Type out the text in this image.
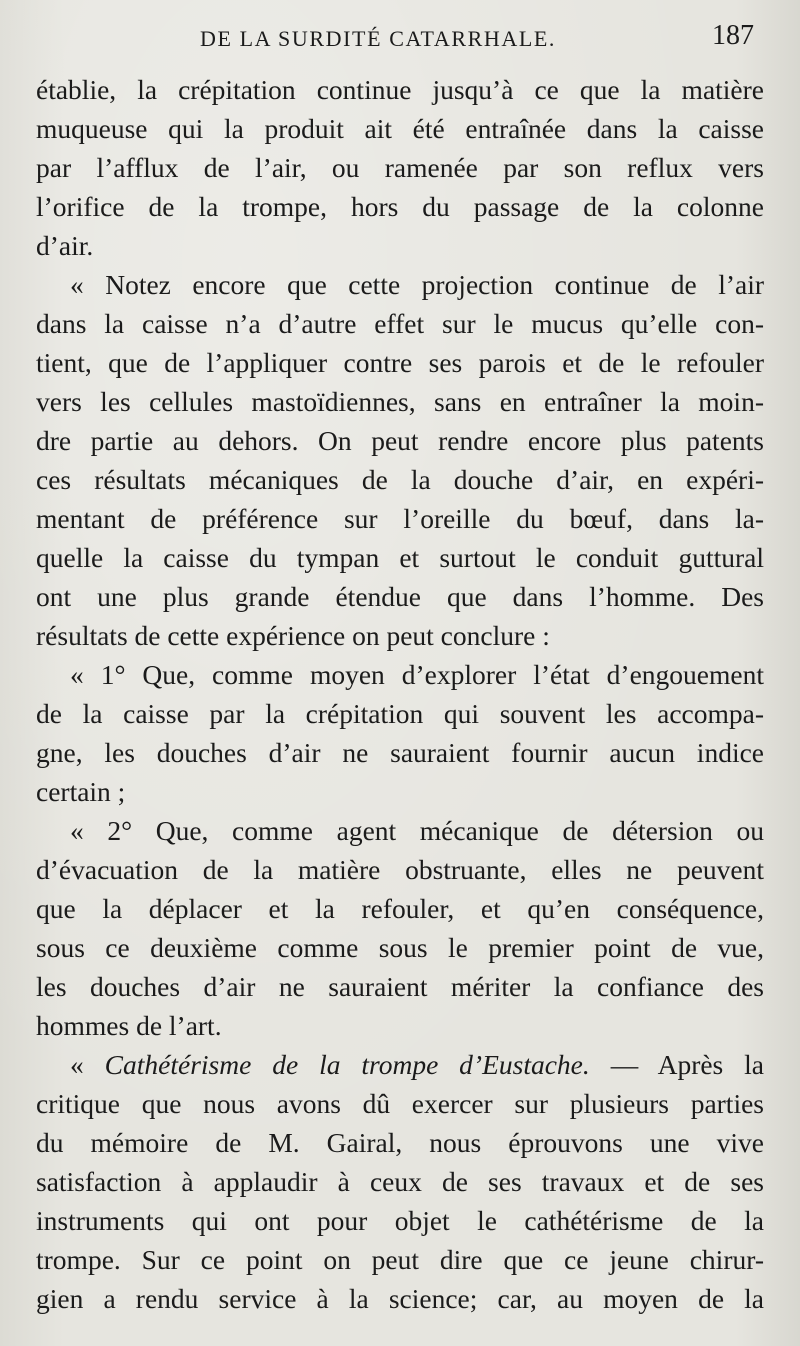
DE LA SURDITÉ CATARRHALE.	187
établie, la crépitation continue jusqu’à ce que la matière
muqueuse qui la produit ait été entraînée dans la caisse
par l’afflux de l’air, ou ramenée par son reflux vers
l’orifice de la trompe, hors du passage de la colonne
d’air.
« Notez encore que cette projection continue de l’air
dans la caisse n’a d’autre effet sur le mucus qu’elle con-
tient, que de l’appliquer contre ses parois et de le refouler
vers les cellules mastoïdiennes, sans en entraîner la moin-
dre partie au dehors. On peut rendre encore plus patents
ces résultats mécaniques de la douche d’air, en expéri-
mentant de préférence sur l’oreille du bœuf, dans la-
quelle la caisse du tympan et surtout le conduit guttural
ont une plus grande étendue que dans l’homme. Des
résultats de cette expérience on peut conclure :
« 1° Que, comme moyen d’explorer l’état d’engouement
de la caisse par la crépitation qui souvent les accompa-
gne, les douches d’air ne sauraient fournir aucun indice
certain ;
« 2° Que, comme agent mécanique de détersion ou
d’évacuation de la matière obstruante, elles ne peuvent
que la déplacer et la refouler, et qu’en conséquence,
sous ce deuxième comme sous le premier point de vue,
les douches d’air ne sauraient mériter la confiance des
hommes de l’art.
« Cathétérisme de la trompe d’Eustache. — Après la
critique que nous avons dû exercer sur plusieurs parties
du mémoire de M. Gairal, nous éprouvons une vive
satisfaction à applaudir à ceux de ses travaux et de ses
instruments qui ont pour objet le cathétérisme de la
trompe. Sur ce point on peut dire que ce jeune chirur-
gien a rendu service à la science; car, au moyen de la
